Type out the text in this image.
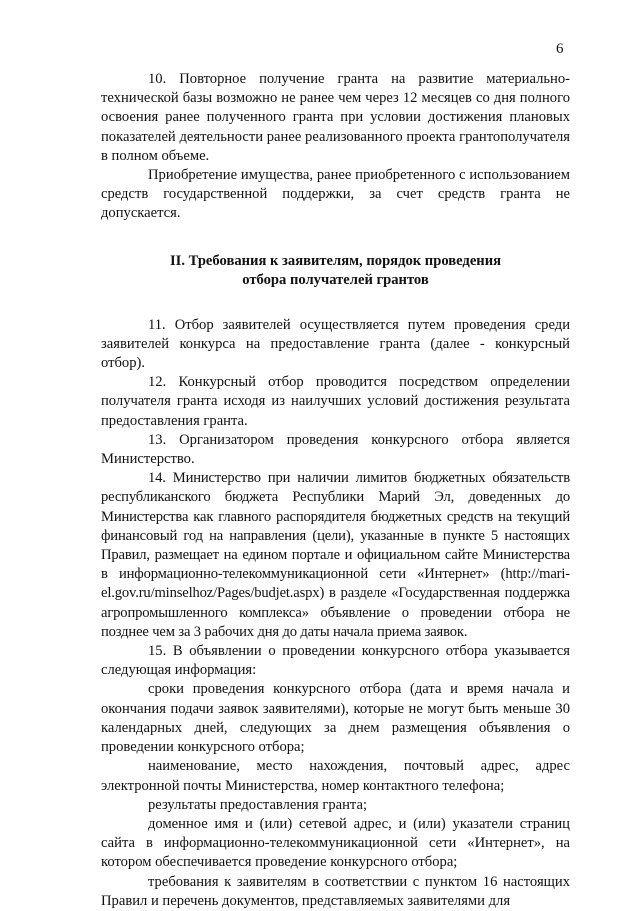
6

10. Повторное получение гранта на развитие материально-технической базы возможно не ранее чем через 12 месяцев со дня полного освоения ранее полученного гранта при условии достижения плановых показателей деятельности ранее реализованного проекта грантополучателя в полном объеме.

Приобретение имущества, ранее приобретенного с использованием средств государственной поддержки, за счет средств гранта не допускается.

II. Требования к заявителям, порядок проведения
отбора получателей грантов

11. Отбор заявителей осуществляется путем проведения среди заявителей конкурса на предоставление гранта (далее - конкурсный отбор).

12. Конкурсный отбор проводится посредством определении получателя гранта исходя из наилучших условий достижения результата предоставления гранта.

13. Организатором проведения конкурсного отбора является Министерство.

14. Министерство при наличии лимитов бюджетных обязательств республиканского бюджета Республики Марий Эл, доведенных до Министерства как главного распорядителя бюджетных средств на текущий финансовый год на направления (цели), указанные в пункте 5 настоящих Правил, размещает на едином портале и официальном сайте Министерства в информационно-телекоммуникационной сети «Интернет» (http://mari-el.gov.ru/minselhoz/Pages/budjet.aspx) в разделе «Государственная поддержка агропромышленного комплекса» объявление о проведении отбора не позднее чем за 3 рабочих дня до даты начала приема заявок.

15. В объявлении о проведении конкурсного отбора указывается следующая информация:

сроки проведения конкурсного отбора (дата и время начала и окончания подачи заявок заявителями), которые не могут быть меньше 30 календарных дней, следующих за днем размещения объявления о проведении конкурсного отбора;

наименование, место нахождения, почтовый адрес, адрес электронной почты Министерства, номер контактного телефона;

результаты предоставления гранта;

доменное имя и (или) сетевой адрес, и (или) указатели страниц сайта в информационно-телекоммуникационной сети «Интернет», на котором обеспечивается проведение конкурсного отбора;

требования к заявителям в соответствии с пунктом 16 настоящих Правил и перечень документов, представляемых заявителями для
